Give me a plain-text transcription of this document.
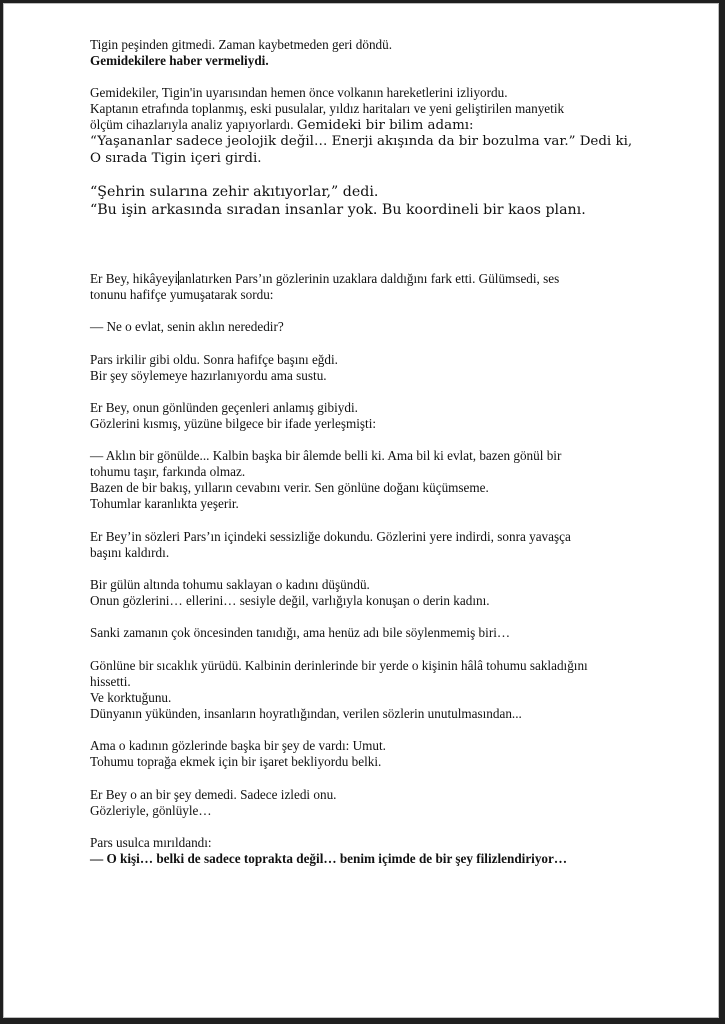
Tigin peşinden gitmedi. Zaman kaybetmeden geri döndü.
Gemidekilere haber vermeliydi.
Gemidekiler, Tigin'in uyarısından hemen önce volkanın hareketlerini izliyordu.
Kaptanın etrafında toplanmış, eski pusulalar, yıldız haritaları ve yeni geliştirilen manyetik
ölçüm cihazlarıyla analiz yapıyorlardı. Gemideki bir bilim adamı:
“Yaşananlar sadece jeolojik değil… Enerji akışında da bir bozulma var.” Dedi ki,
O sırada Tigin içeri girdi.
“Şehrin sularına zehir akıtıyorlar,” dedi.
“Bu işin arkasında sıradan insanlar yok. Bu koordineli bir kaos planı.
Er Bey, hikâyeyianlatırken Pars’ın gözlerinin uzaklara daldığını fark etti. Gülümsedi, ses
tonunu hafifçe yumuşatarak sordu:
— Ne o evlat, senin aklın nerededir?
Pars irkilir gibi oldu. Sonra hafifçe başını eğdi.
Bir şey söylemeye hazırlanıyordu ama sustu.
Er Bey, onun gönlünden geçenleri anlamış gibiydi.
Gözlerini kısmış, yüzüne bilgece bir ifade yerleşmişti:
— Aklın bir gönülde... Kalbin başka bir âlemde belli ki. Ama bil ki evlat, bazen gönül bir
tohumu taşır, farkında olmaz.
Bazen de bir bakış, yılların cevabını verir. Sen gönlüne doğanı küçümseme.
Tohumlar karanlıkta yeşerir.
Er Bey’in sözleri Pars’ın içindeki sessizliğe dokundu. Gözlerini yere indirdi, sonra yavaşça
başını kaldırdı.
Bir gülün altında tohumu saklayan o kadını düşündü.
Onun gözlerini… ellerini… sesiyle değil, varlığıyla konuşan o derin kadını.
Sanki zamanın çok öncesinden tanıdığı, ama henüz adı bile söylenmemiş biri…
Gönlüne bir sıcaklık yürüdü. Kalbinin derinlerinde bir yerde o kişinin hâlâ tohumu sakladığını
hissetti.
Ve korktuğunu.
Dünyanın yükünden, insanların hoyratlığından, verilen sözlerin unutulmasından...
Ama o kadının gözlerinde başka bir şey de vardı: Umut.
Tohumu toprağa ekmek için bir işaret bekliyordu belki.
Er Bey o an bir şey demedi. Sadece izledi onu.
Gözleriyle, gönlüyle…
Pars usulca mırıldandı:
— O kişi… belki de sadece toprakta değil… benim içimde de bir şey filizlendiriyor…
